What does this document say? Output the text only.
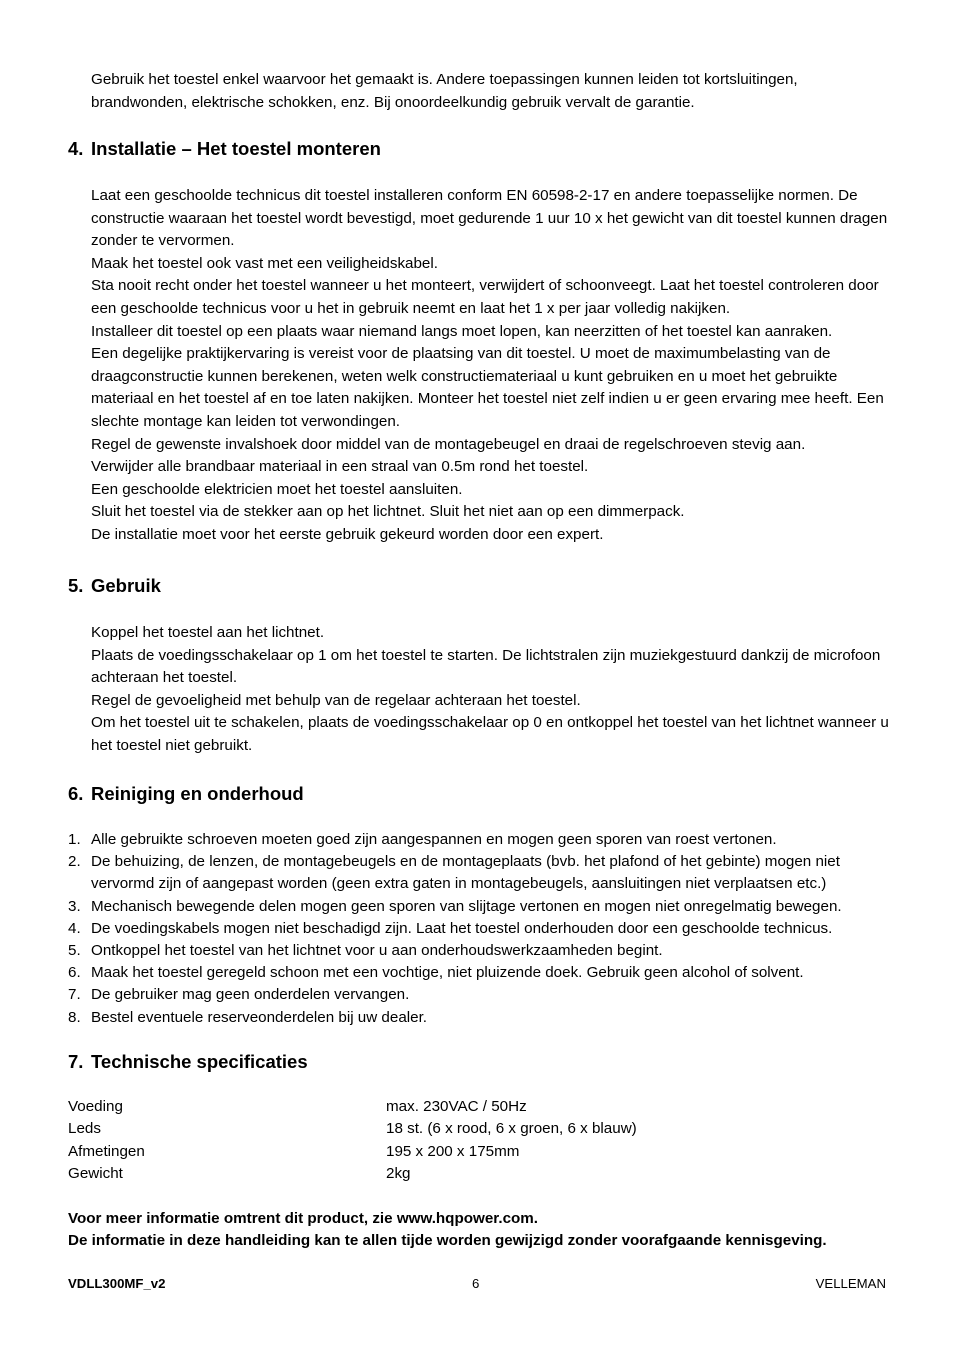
Gebruik het toestel enkel waarvoor het gemaakt is. Andere toepassingen kunnen leiden tot kortsluitingen, brandwonden, elektrische schokken, enz. Bij onoordeelkundig gebruik vervalt de garantie.

4. Installatie – Het toestel monteren

Laat een geschoolde technicus dit toestel installeren conform EN 60598-2-17 en andere toepasselijke normen. De constructie waaraan het toestel wordt bevestigd, moet gedurende 1 uur 10 x het gewicht van dit toestel kunnen dragen zonder te vervormen.

Maak het toestel ook vast met een veiligheidskabel.

Sta nooit recht onder het toestel wanneer u het monteert, verwijdert of schoonveegt. Laat het toestel controleren door een geschoolde technicus voor u het in gebruik neemt en laat het 1 x per jaar volledig nakijken.

Installeer dit toestel op een plaats waar niemand langs moet lopen, kan neerzitten of het toestel kan aanraken.

Een degelijke praktijkervaring is vereist voor de plaatsing van dit toestel. U moet de maximumbelasting van de draagconstructie kunnen berekenen, weten welk constructiemateriaal u kunt gebruiken en u moet het gebruikte materiaal en het toestel af en toe laten nakijken. Monteer het toestel niet zelf indien u er geen ervaring mee heeft. Een slechte montage kan leiden tot verwondingen.

Regel de gewenste invalshoek door middel van de montagebeugel en draai de regelschroeven stevig aan.

Verwijder alle brandbaar materiaal in een straal van 0.5m rond het toestel.

Een geschoolde elektricien moet het toestel aansluiten.

Sluit het toestel via de stekker aan op het lichtnet. Sluit het niet aan op een dimmerpack.

De installatie moet voor het eerste gebruik gekeurd worden door een expert.

5. Gebruik

Koppel het toestel aan het lichtnet.

Plaats de voedingsschakelaar op 1 om het toestel te starten. De lichtstralen zijn muziekgestuurd dankzij de microfoon achteraan het toestel.

Regel de gevoeligheid met behulp van de regelaar achteraan het toestel.

Om het toestel uit te schakelen, plaats de voedingsschakelaar op 0 en ontkoppel het toestel van het lichtnet wanneer u het toestel niet gebruikt.

6. Reiniging en onderhoud
1. Alle gebruikte schroeven moeten goed zijn aangespannen en mogen geen sporen van roest vertonen.
2. De behuizing, de lenzen, de montagebeugels en de montageplaats (bvb. het plafond of het gebinte) mogen niet vervormd zijn of aangepast worden (geen extra gaten in montagebeugels, aansluitingen niet verplaatsen etc.)
3. Mechanisch bewegende delen mogen geen sporen van slijtage vertonen en mogen niet onregelmatig bewegen.
4. De voedingskabels mogen niet beschadigd zijn. Laat het toestel onderhouden door een geschoolde technicus.
5. Ontkoppel het toestel van het lichtnet voor u aan onderhoudswerkzaamheden begint.
6. Maak het toestel geregeld schoon met een vochtige, niet pluizende doek. Gebruik geen alcohol of solvent.
7. De gebruiker mag geen onderdelen vervangen.
8. Bestel eventuele reserveonderdelen bij uw dealer.
7. Technische specificaties
Voeding	max. 230VAC / 50Hz
Leds	18 st. (6 x rood, 6 x groen, 6 x blauw)
Afmetingen	195 x 200 x 175mm
Gewicht	2kg
Voor meer informatie omtrent dit product, zie www.hqpower.com.
De informatie in deze handleiding kan te allen tijde worden gewijzigd zonder voorafgaande kennisgeving.
VDLL300MF_v2	6	VELLEMAN
